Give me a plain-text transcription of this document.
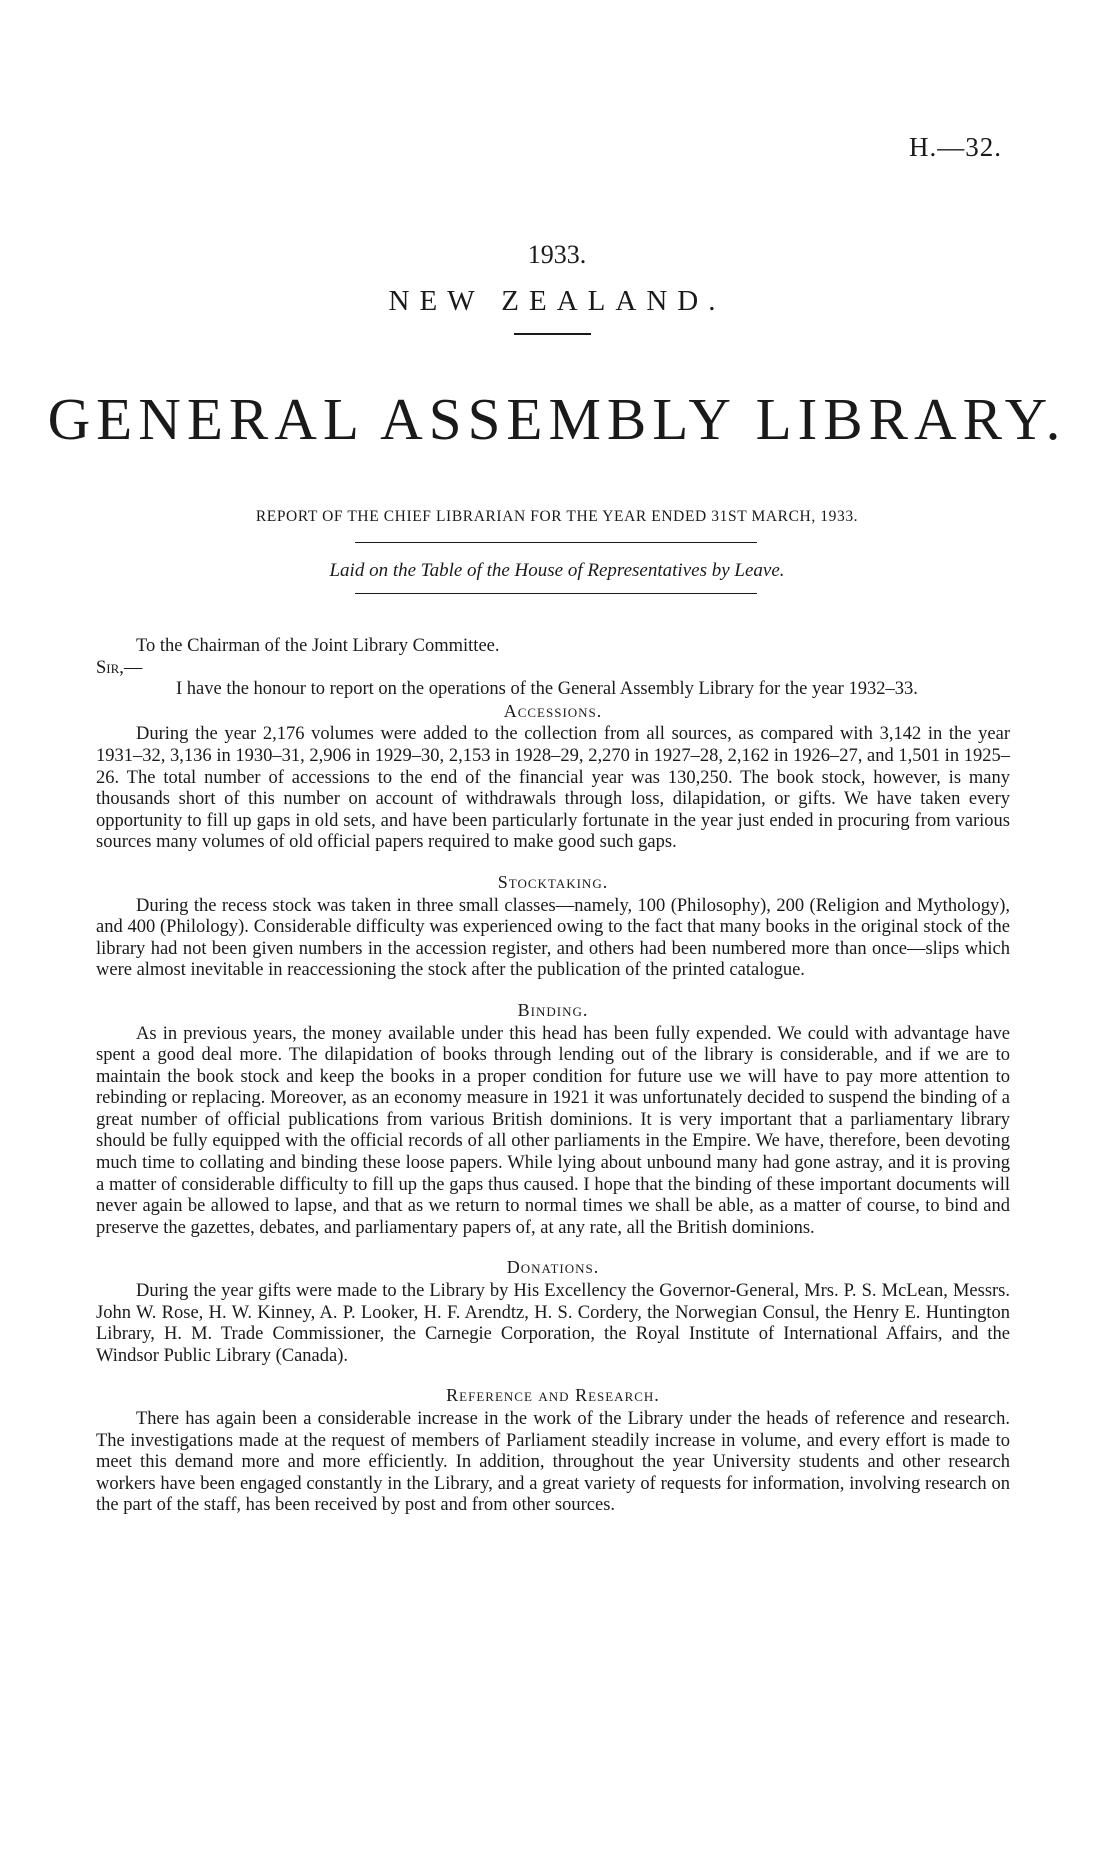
H.—32.
1933.
NEW ZEALAND.
GENERAL ASSEMBLY LIBRARY.
REPORT OF THE CHIEF LIBRARIAN FOR THE YEAR ENDED 31ST MARCH, 1933.
Laid on the Table of the House of Representatives by Leave.

To the Chairman of the Joint Library Committee.

Sir,—

I have the honour to report on the operations of the General Assembly Library for the year 1932–33.

Accessions.

During the year 2,176 volumes were added to the collection from all sources, as compared with 3,142 in the year 1931–32, 3,136 in 1930–31, 2,906 in 1929–30, 2,153 in 1928–29, 2,270 in 1927–28, 2,162 in 1926–27, and 1,501 in 1925–26. The total number of accessions to the end of the financial year was 130,250. The book stock, however, is many thousands short of this number on account of withdrawals through loss, dilapidation, or gifts. We have taken every opportunity to fill up gaps in old sets, and have been particularly fortunate in the year just ended in procuring from various sources many volumes of old official papers required to make good such gaps.

Stocktaking.

During the recess stock was taken in three small classes—namely, 100 (Philosophy), 200 (Religion and Mythology), and 400 (Philology). Considerable difficulty was experienced owing to the fact that many books in the original stock of the library had not been given numbers in the accession register, and others had been numbered more than once—slips which were almost inevitable in reaccessioning the stock after the publication of the printed catalogue.

Binding.

As in previous years, the money available under this head has been fully expended. We could with advantage have spent a good deal more. The dilapidation of books through lending out of the library is considerable, and if we are to maintain the book stock and keep the books in a proper condition for future use we will have to pay more attention to rebinding or replacing. Moreover, as an economy measure in 1921 it was unfortunately decided to suspend the binding of a great number of official publications from various British dominions. It is very important that a parliamentary library should be fully equipped with the official records of all other parliaments in the Empire. We have, therefore, been devoting much time to collating and binding these loose papers. While lying about unbound many had gone astray, and it is proving a matter of considerable difficulty to fill up the gaps thus caused. I hope that the binding of these important documents will never again be allowed to lapse, and that as we return to normal times we shall be able, as a matter of course, to bind and preserve the gazettes, debates, and parliamentary papers of, at any rate, all the British dominions.

Donations.

During the year gifts were made to the Library by His Excellency the Governor-General, Mrs. P. S. McLean, Messrs. John W. Rose, H. W. Kinney, A. P. Looker, H. F. Arendtz, H. S. Cordery, the Norwegian Consul, the Henry E. Huntington Library, H. M. Trade Commissioner, the Carnegie Corporation, the Royal Institute of International Affairs, and the Windsor Public Library (Canada).

Reference and Research.

There has again been a considerable increase in the work of the Library under the heads of reference and research. The investigations made at the request of members of Parliament steadily increase in volume, and every effort is made to meet this demand more and more efficiently. In addition, throughout the year University students and other research workers have been engaged constantly in the Library, and a great variety of requests for information, involving research on the part of the staff, has been received by post and from other sources.
